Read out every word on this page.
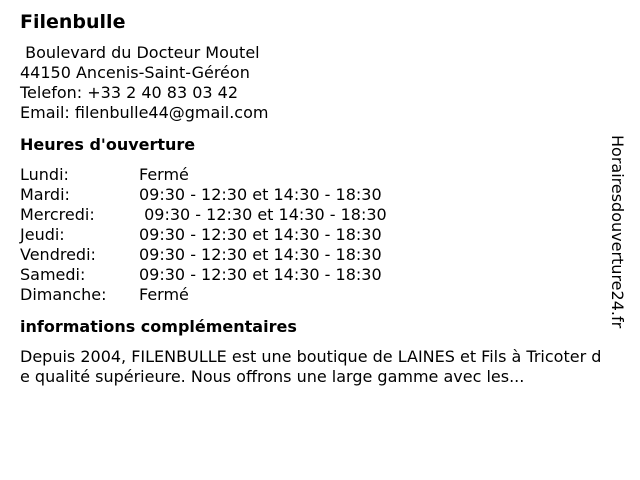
Filenbulle
Boulevard du Docteur Moutel
44150 Ancenis-Saint-Géréon
Telefon: +33 2 40 83 03 42
Email: filenbulle44@gmail.com
Heures d'ouverture
Lundi:	Fermé
Mardi:	09:30 - 12:30 et 14:30 - 18:30
Mercredi:	09:30 - 12:30 et 14:30 - 18:30
Jeudi:	09:30 - 12:30 et 14:30 - 18:30
Vendredi:	09:30 - 12:30 et 14:30 - 18:30
Samedi:	09:30 - 12:30 et 14:30 - 18:30
Dimanche:	Fermé
informations complémentaires
Depuis 2004, FILENBULLE est une boutique de LAINES et Fils à Tricoter de qualité supérieure. Nous offrons une large gamme avec les...
Horairesdouverture24.fr
